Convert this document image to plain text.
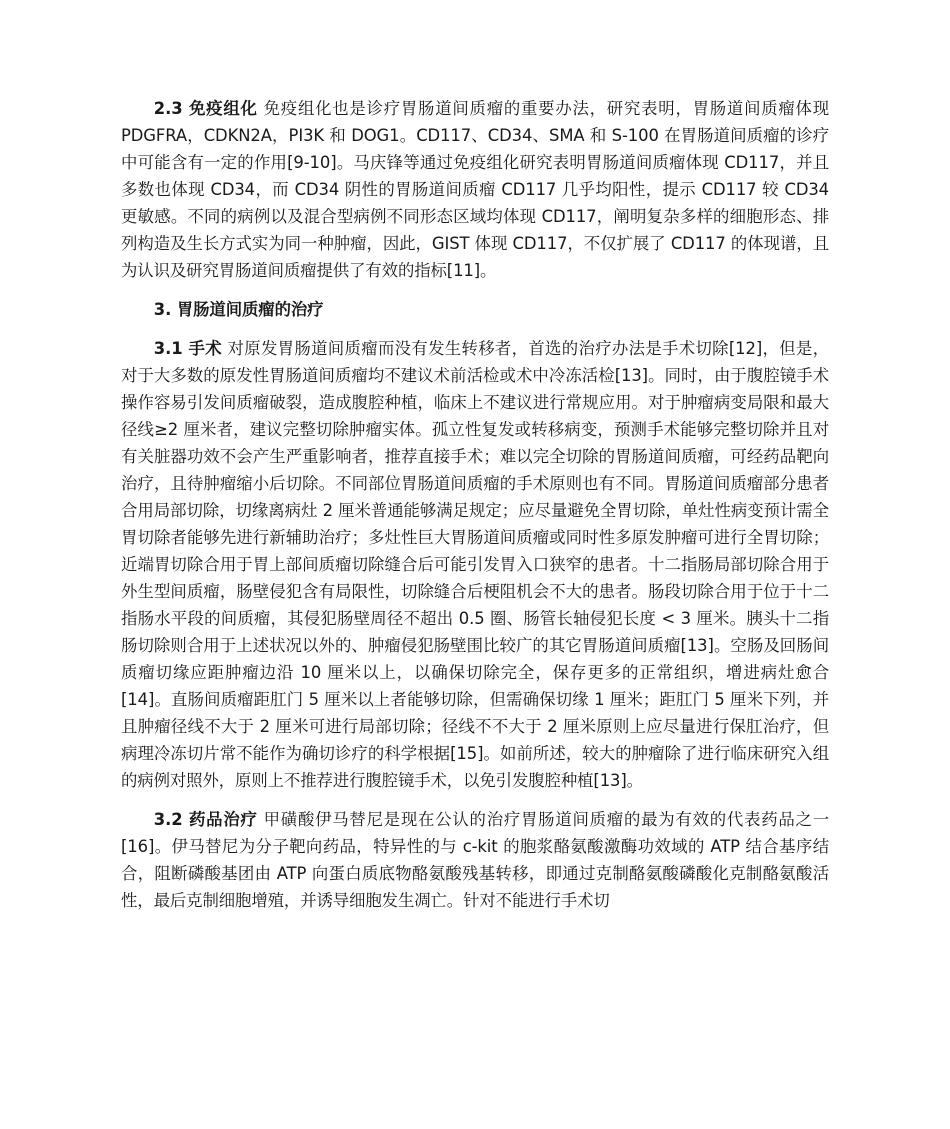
2.3 免疫组化 免疫组化也是诊疗胃肠道间质瘤的重要办法，研究表明，胃肠道间质瘤体现 PDGFRA，CDKN2A，PI3K 和 DOG1。CD117、CD34、SMA 和 S-100 在胃肠道间质瘤的诊疗中可能含有一定的作用[9-10]。马庆锋等通过免疫组化研究表明胃肠道间质瘤体现 CD117，并且多数也体现 CD34，而 CD34 阴性的胃肠道间质瘤 CD117 几乎均阳性，提示 CD117 较 CD34 更敏感。不同的病例以及混合型病例不同形态区域均体现 CD117，阐明复杂多样的细胞形态、排列构造及生长方式实为同一种肿瘤，因此，GIST 体现 CD117，不仅扩展了 CD117 的体现谱，且为认识及研究胃肠道间质瘤提供了有效的指标[11]。

3. 胃肠道间质瘤的治疗

3.1 手术 对原发胃肠道间质瘤而没有发生转移者，首选的治疗办法是手术切除[12]，但是，对于大多数的原发性胃肠道间质瘤均不建议术前活检或术中冷冻活检[13]。同时，由于腹腔镜手术操作容易引发间质瘤破裂，造成腹腔种植，临床上不建议进行常规应用。对于肿瘤病变局限和最大径线≥2 厘米者，建议完整切除肿瘤实体。孤立性复发或转移病变，预测手术能够完整切除并且对有关脏器功效不会产生严重影响者，推荐直接手术；难以完全切除的胃肠道间质瘤，可经药品靶向治疗，且待肿瘤缩小后切除。不同部位胃肠道间质瘤的手术原则也有不同。胃肠道间质瘤部分患者合用局部切除，切缘离病灶 2 厘米普通能够满足规定；应尽量避免全胃切除，单灶性病变预计需全胃切除者能够先进行新辅助治疗；多灶性巨大胃肠道间质瘤或同时性多原发肿瘤可进行全胃切除；近端胃切除合用于胃上部间质瘤切除缝合后可能引发胃入口狭窄的患者。十二指肠局部切除合用于外生型间质瘤，肠壁侵犯含有局限性，切除缝合后梗阻机会不大的患者。肠段切除合用于位于十二指肠水平段的间质瘤，其侵犯肠壁周径不超出 0.5 圈、肠管长轴侵犯长度 < 3 厘米。胰头十二指肠切除则合用于上述状况以外的、肿瘤侵犯肠壁围比较广的其它胃肠道间质瘤[13]。空肠及回肠间质瘤切缘应距肿瘤边沿 10 厘米以上，以确保切除完全，保存更多的正常组织，增进病灶愈合[14]。直肠间质瘤距肛门 5 厘米以上者能够切除，但需确保切缘 1 厘米；距肛门 5 厘米下列，并且肿瘤径线不大于 2 厘米可进行局部切除；径线不不大于 2 厘米原则上应尽量进行保肛治疗，但病理冷冻切片常不能作为确切诊疗的科学根据[15]。如前所述，较大的肿瘤除了进行临床研究入组的病例对照外，原则上不推荐进行腹腔镜手术，以免引发腹腔种植[13]。

3.2 药品治疗 甲磺酸伊马替尼是现在公认的治疗胃肠道间质瘤的最为有效的代表药品之一[16]。伊马替尼为分子靶向药品，特异性的与 c-kit 的胞浆酪氨酸激酶功效域的 ATP 结合基序结合，阻断磷酸基团由 ATP 向蛋白质底物酪氨酸残基转移，即通过克制酪氨酸磷酸化克制酪氨酸活性，最后克制细胞增殖，并诱导细胞发生凋亡。针对不能进行手术切
